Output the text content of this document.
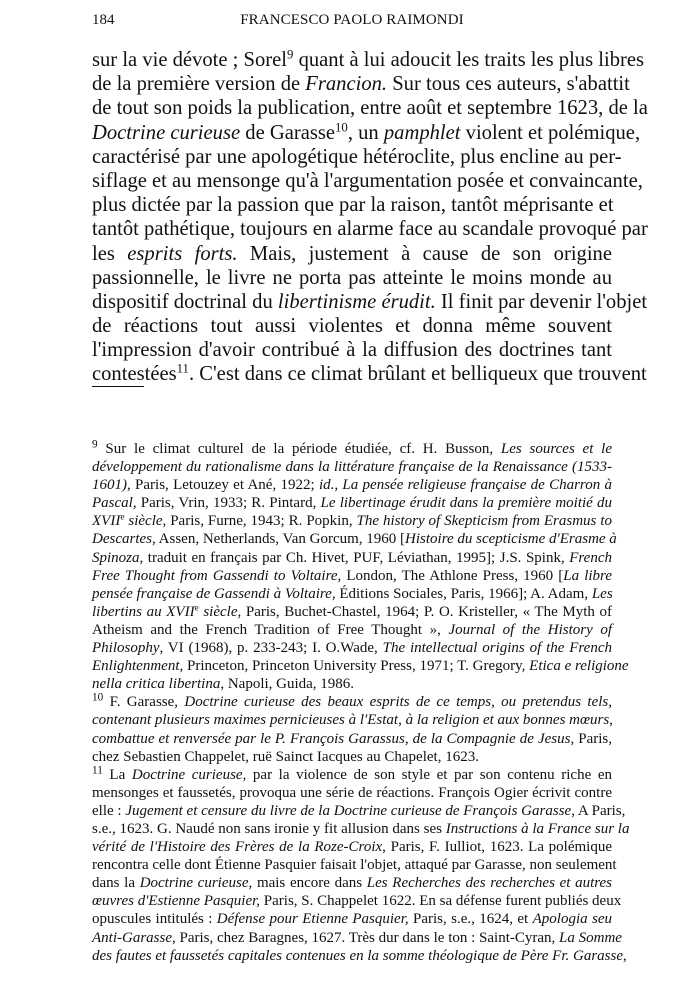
184	FRANCESCO PAOLO RAIMONDI
sur la vie dévote ; Sorel$^9$ quant à lui adoucit les traits les plus libres
de la première version de Francion. Sur tous ces auteurs, s'abattit
de tout son poids la publication, entre août et septembre 1623, de la
Doctrine curieuse de Garasse$^{10}$, un pamphlet violent et polémique,
caractérisé par une apologétique hétéroclite, plus encline au per-
siflage et au mensonge qu'à l'argumentation posée et convaincante,
plus dictée par la passion que par la raison, tantôt méprisante et
tantôt pathétique, toujours en alarme face au scandale provoqué par
les esprits forts. Mais, justement à cause de son origine
passionnelle, le livre ne porta pas atteinte le moins monde au
dispositif doctrinal du libertinisme érudit. Il finit par devenir l'objet
de réactions tout aussi violentes et donna même souvent
l'impression d'avoir contribué à la diffusion des doctrines tant
contestées$^{11}$. C'est dans ce climat brûlant et belliqueux que trouvent
$^9$ Sur le climat culturel de la période étudiée, cf. H. Busson, Les sources et le
développement du rationalisme dans la littérature française de la Renaissance (1533-
1601), Paris, Letouzey et Ané, 1922; id., La pensée religieuse française de Charron à
Pascal, Paris, Vrin, 1933; R. Pintard, Le libertinage érudit dans la première moitié du
XVIIe siècle, Paris, Furne, 1943; R. Popkin, The history of Skepticism from Erasmus to
Descartes, Assen, Netherlands, Van Gorcum, 1960 [Histoire du scepticisme d'Erasme à
Spinoza, traduit en français par Ch. Hivet, PUF, Léviathan, 1995]; J.S. Spink, French
Free Thought from Gassendi to Voltaire, London, The Athlone Press, 1960 [La libre
pensée française de Gassendi à Voltaire, Éditions Sociales, Paris, 1966]; A. Adam, Les
libertins au XVIIe siècle, Paris, Buchet-Chastel, 1964; P. O. Kristeller, « The Myth of
Atheism and the French Tradition of Free Thought », Journal of the History of
Philosophy, VI (1968), p. 233-243; I. O.Wade, The intellectual origins of the French
Enlightenment, Princeton, Princeton University Press, 1971; T. Gregory, Etica e religione
nella critica libertina, Napoli, Guida, 1986.
$^{10}$ F. Garasse, Doctrine curieuse des beaux esprits de ce temps, ou pretendus tels,
contenant plusieurs maximes pernicieuses à l'Estat, à la religion et aux bonnes mœurs,
combattue et renversée par le P. François Garassus, de la Compagnie de Jesus, Paris,
chez Sebastien Chappelet, ruë Sainct Iacques au Chapelet, 1623.
$^{11}$ La Doctrine curieuse, par la violence de son style et par son contenu riche en
mensonges et faussetés, provoqua une série de réactions. François Ogier écrivit contre
elle : Jugement et censure du livre de la Doctrine curieuse de François Garasse, A Paris,
s.e., 1623. G. Naudé non sans ironie y fit allusion dans ses Instructions à la France sur la
vérité de l'Histoire des Frères de la Roze-Croix, Paris, F. Iulliot, 1623. La polémique
rencontra celle dont Étienne Pasquier faisait l'objet, attaqué par Garasse, non seulement
dans la Doctrine curieuse, mais encore dans Les Recherches des recherches et autres
œuvres d'Estienne Pasquier, Paris, S. Chappelet 1622. En sa défense furent publiés deux
opuscules intitulés : Défense pour Etienne Pasquier, Paris, s.e., 1624, et Apologia seu
Anti-Garasse, Paris, chez Baragnes, 1627. Très dur dans le ton : Saint-Cyran, La Somme
des fautes et faussetés capitales contenues en la somme théologique de Père Fr. Garasse,
